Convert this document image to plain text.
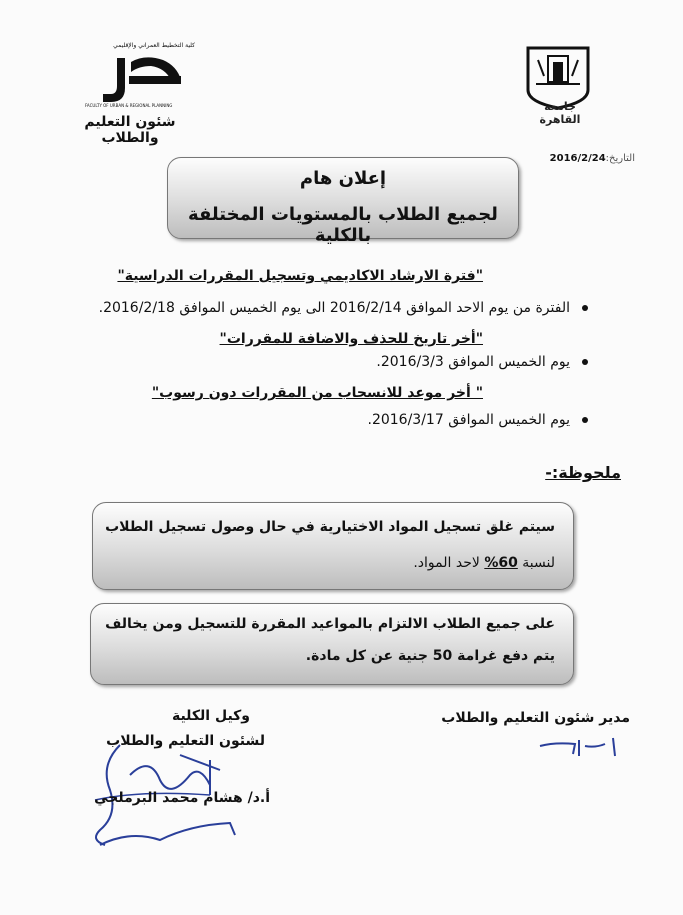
كلية التخطيط العمراني والإقليمي
FACULTY OF URBAN & REGIONAL PLANNING
شئون التعليم والطلاب
جامعة القاهرة
التاريخ:2016/2/24
إعلان هام
لجميع الطلاب بالمستويات المختلفة بالكلية
"فترة الارشاد الاكاديمي وتسجيل المقررات الدراسية"
الفترة من يوم الاحد الموافق 2016/2/14 الى يوم الخميس الموافق 2016/2/18.
"أخر تاريخ للحذف والاضافة للمقررات"
يوم الخميس الموافق 2016/3/3.
" أخر موعد للانسحاب من المقررات دون رسوب"
يوم الخميس الموافق 2016/3/17.
ملحوظة:-
سيتم غلق تسجيل المواد الاختيارية في حال وصول تسجيل الطلاب
لنسبة 60% لاحد المواد.
على جميع الطلاب الالتزام بالمواعيد المقررة للتسجيل ومن يخالف
يتم دفع غرامة 50 جنية عن كل مادة.
مدير شئون التعليم والطلاب
وكيل الكلية
لشئون التعليم والطلاب
أ.د/ هشام محمد البرملجي
